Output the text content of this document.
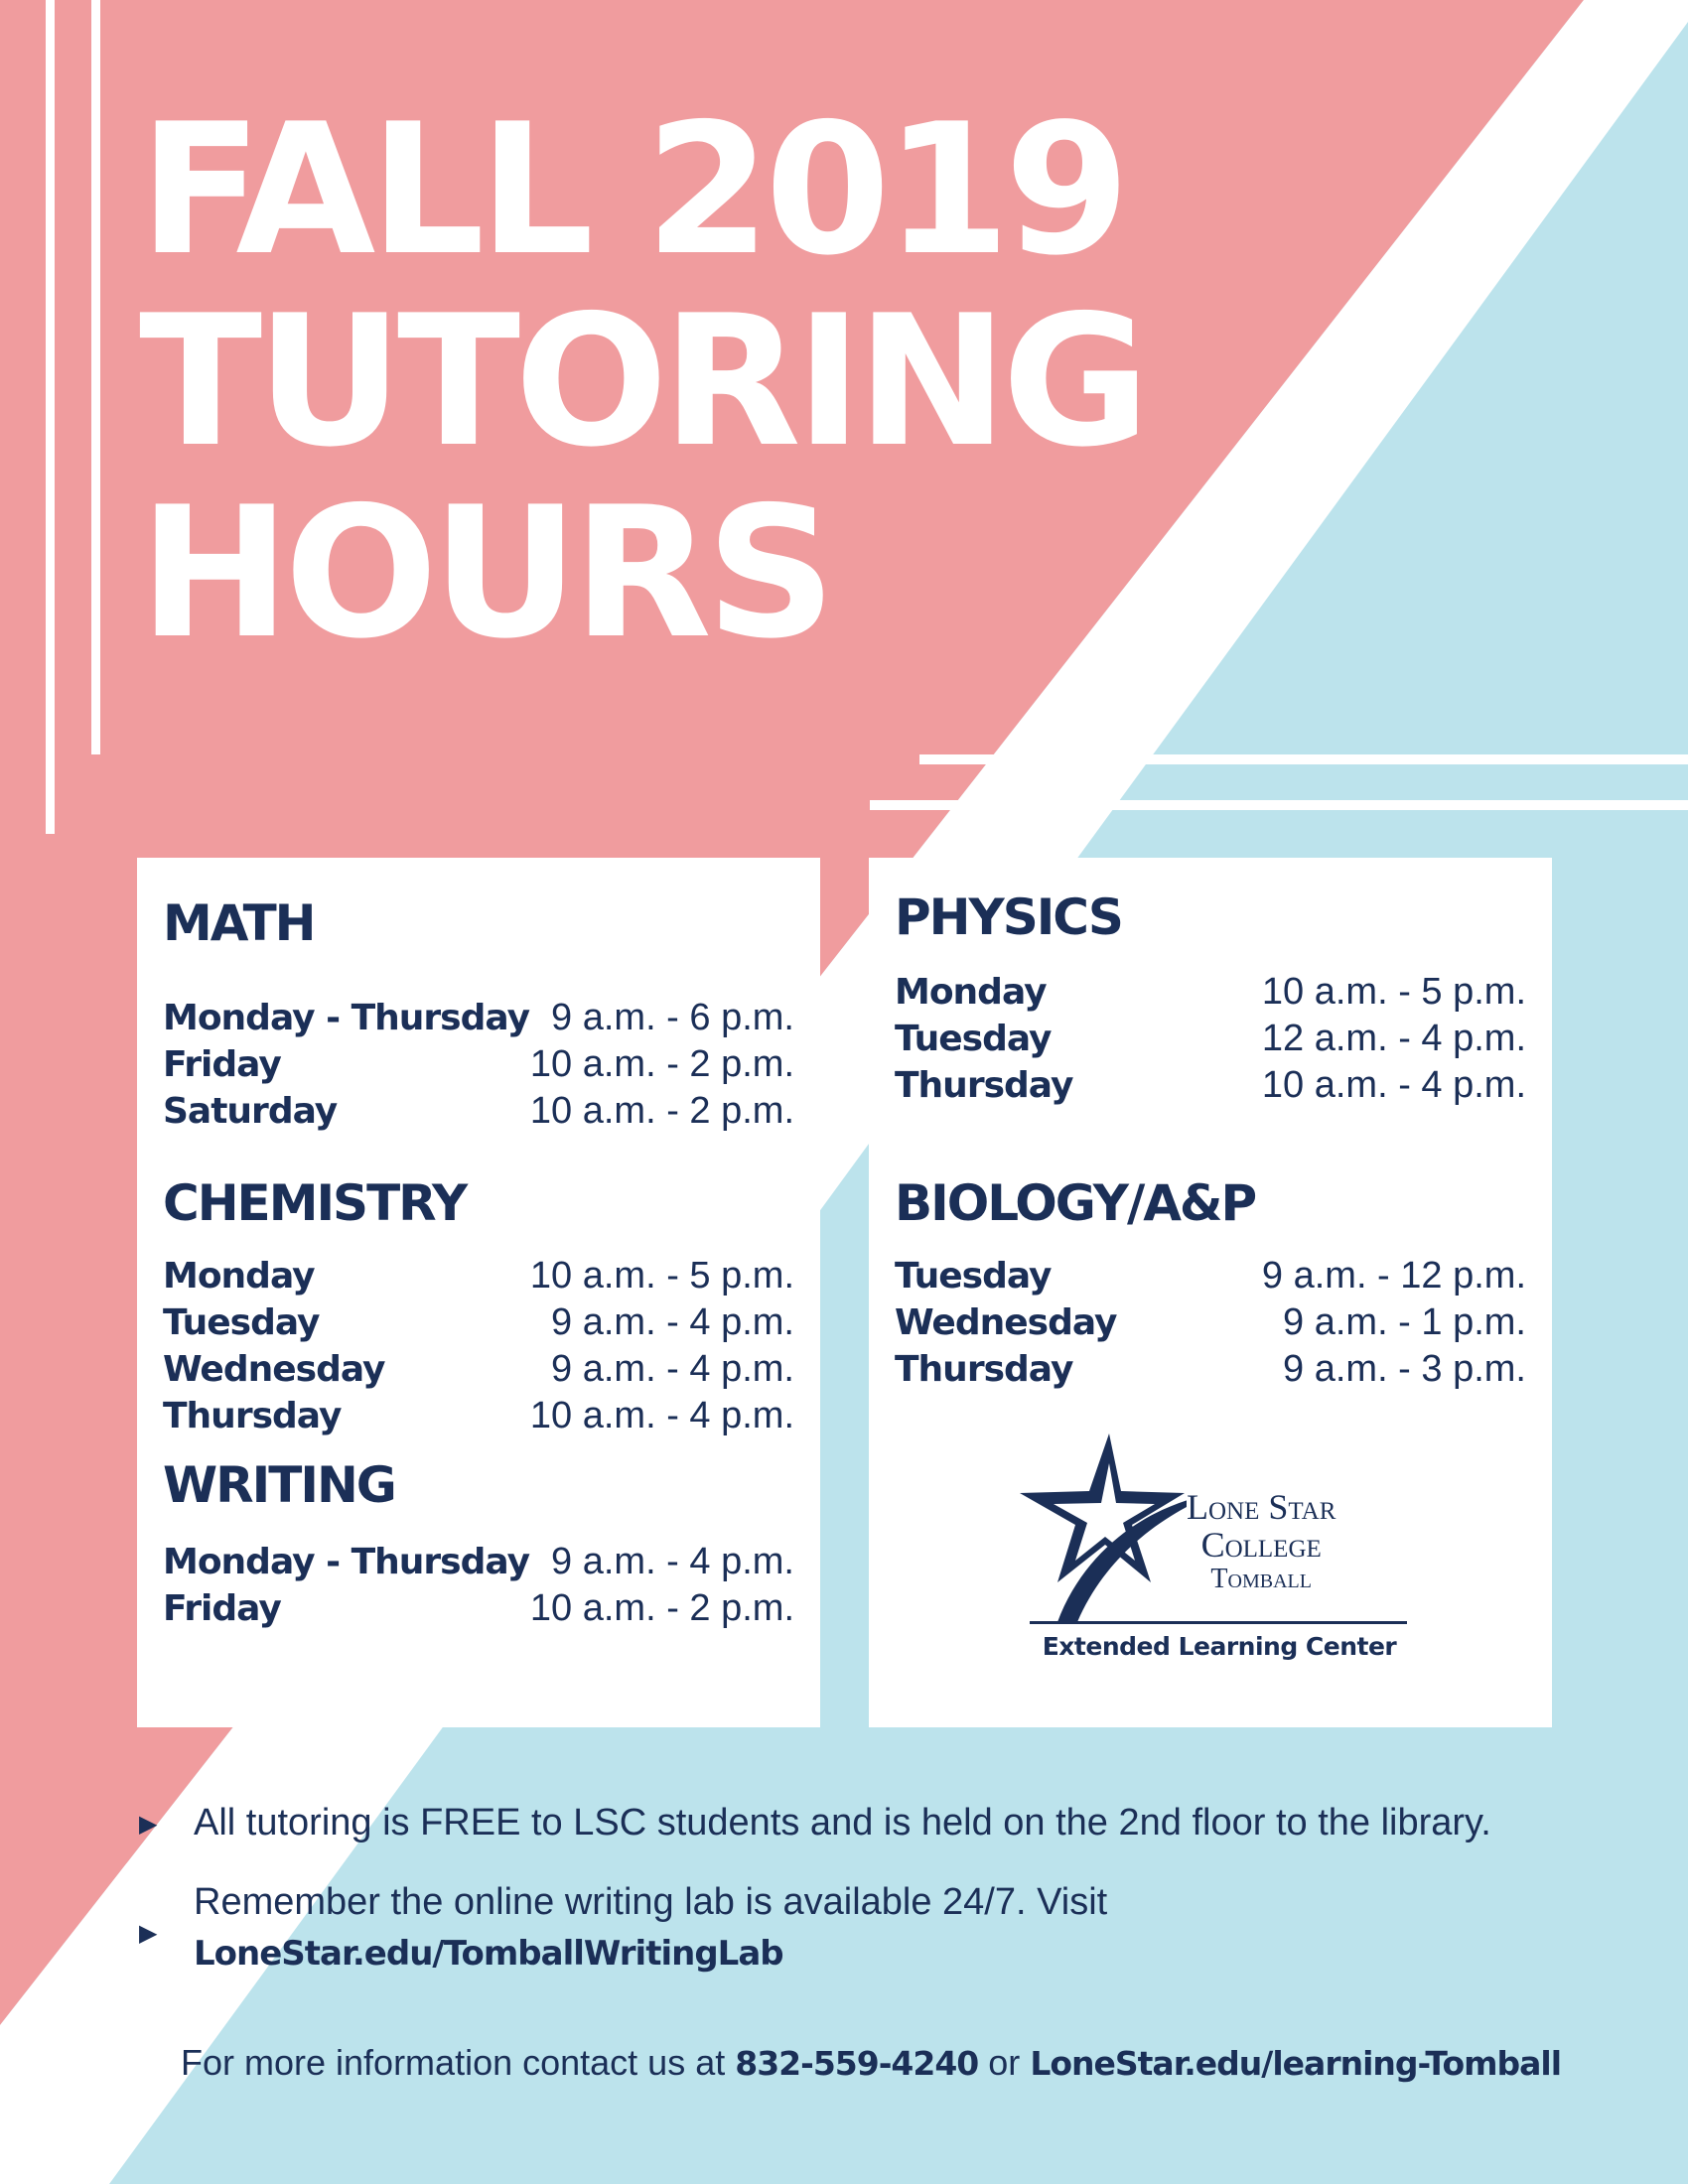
FALL 2019
TUTORING
HOURS
MATH
Monday - Thursday 9 a.m. - 6 p.m.
Friday	10 a.m. - 2 p.m.
Saturday	10 a.m. - 2 p.m.
CHEMISTRY
Monday	10 a.m. - 5 p.m.
Tuesday	9 a.m. - 4 p.m.
Wednesday	9 a.m. - 4 p.m.
Thursday	10 a.m. - 4 p.m.
WRITING
Monday - Thursday 9 a.m. - 4 p.m.
Friday	10 a.m. - 2 p.m.
PHYSICS
Monday	10 a.m. - 5 p.m.
Tuesday	12 a.m. - 4 p.m.
Thursday	10 a.m. - 4 p.m.
BIOLOGY/A&P
Tuesday	9 a.m. - 12 p.m.
Wednesday	9 a.m. - 1 p.m.
Thursday	9 a.m. - 3 p.m.
Lone Star
College
Tomball
Extended Learning Center
▶ All tutoring is FREE to LSC students and is held on the 2nd floor to the library.
▶
Remember the online writing lab is available 24/7. Visit
LoneStar.edu/TomballWritingLab
For more information contact us at 832-559-4240 or LoneStar.edu/learning-Tomball
